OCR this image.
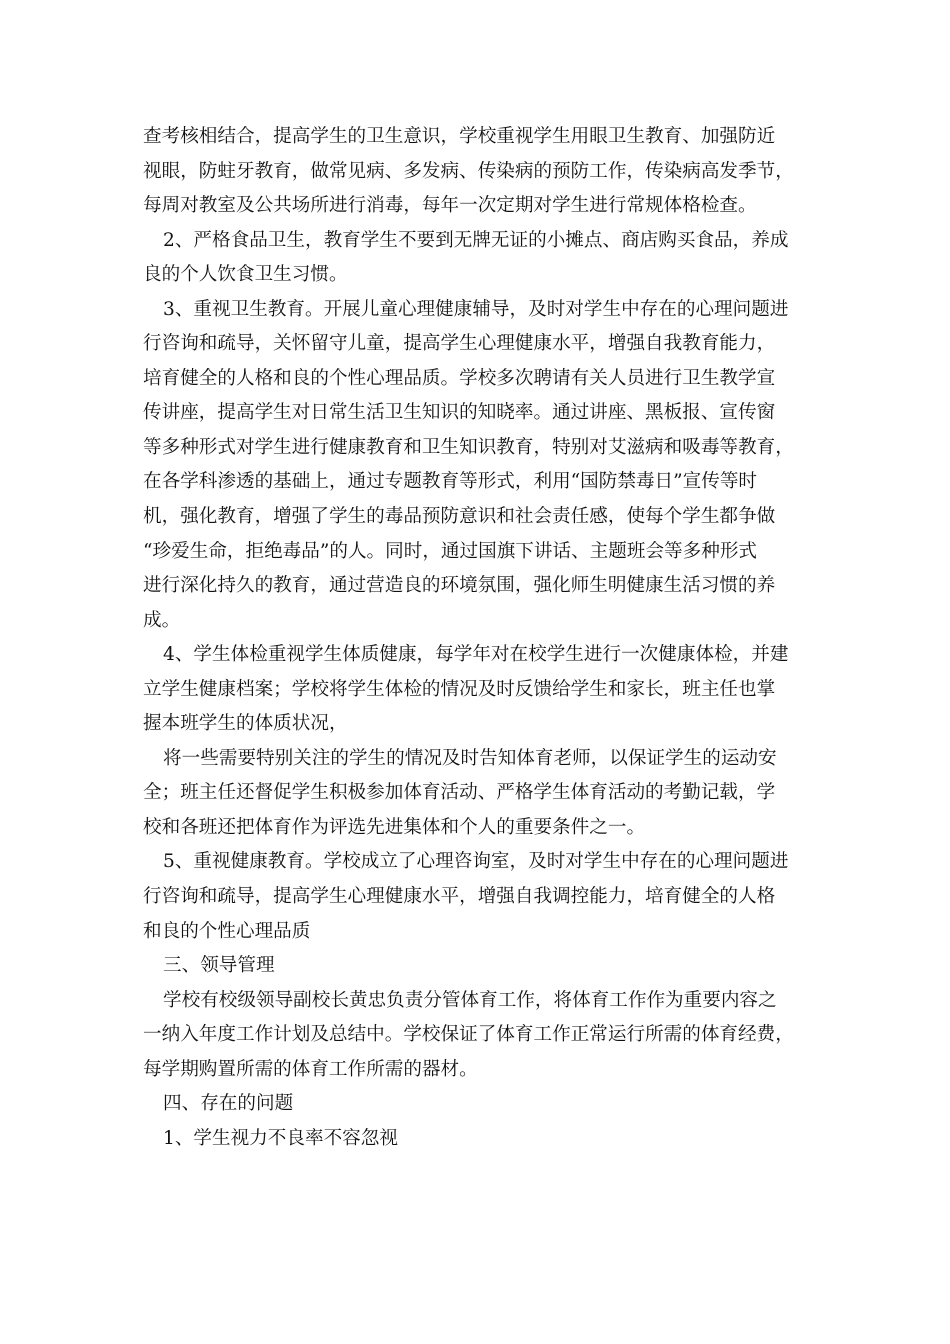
查考核相结合，提高学生的卫生意识，学校重视学生用眼卫生教育、加强防近

视眼，防蛀牙教育，做常见病、多发病、传染病的预防工作，传染病高发季节，

每周对教室及公共场所进行消毒，每年一次定期对学生进行常规体格检查。

2、严格食品卫生，教育学生不要到无牌无证的小摊点、商店购买食品，养成

良的个人饮食卫生习惯。

3、重视卫生教育。开展儿童心理健康辅导，及时对学生中存在的心理问题进

行咨询和疏导，关怀留守儿童，提高学生心理健康水平，增强自我教育能力，

培育健全的人格和良的个性心理品质。学校多次聘请有关人员进行卫生教学宣

传讲座，提高学生对日常生活卫生知识的知晓率。通过讲座、黑板报、宣传窗

等多种形式对学生进行健康教育和卫生知识教育，特别对艾滋病和吸毒等教育，

在各学科渗透的基础上，通过专题教育等形式，利用“国防禁毒日”宣传等时

机，强化教育，增强了学生的毒品预防意识和社会责任感，使每个学生都争做

“珍爱生命，拒绝毒品”的人。同时，通过国旗下讲话、主题班会等多种形式

进行深化持久的教育，通过营造良的环境氛围，强化师生明健康生活习惯的养

成。

4、学生体检重视学生体质健康，每学年对在校学生进行一次健康体检，并建

立学生健康档案；学校将学生体检的情况及时反馈给学生和家长，班主任也掌

握本班学生的体质状况，

将一些需要特别关注的学生的情况及时告知体育老师，以保证学生的运动安

全；班主任还督促学生积极参加体育活动、严格学生体育活动的考勤记载，学

校和各班还把体育作为评选先进集体和个人的重要条件之一。

5、重视健康教育。学校成立了心理咨询室，及时对学生中存在的心理问题进

行咨询和疏导，提高学生心理健康水平，增强自我调控能力，培育健全的人格

和良的个性心理品质

三、领导管理

学校有校级领导副校长黄忠负责分管体育工作，将体育工作作为重要内容之

一纳入年度工作计划及总结中。学校保证了体育工作正常运行所需的体育经费，

每学期购置所需的体育工作所需的器材。

四、存在的问题

1、学生视力不良率不容忽视
